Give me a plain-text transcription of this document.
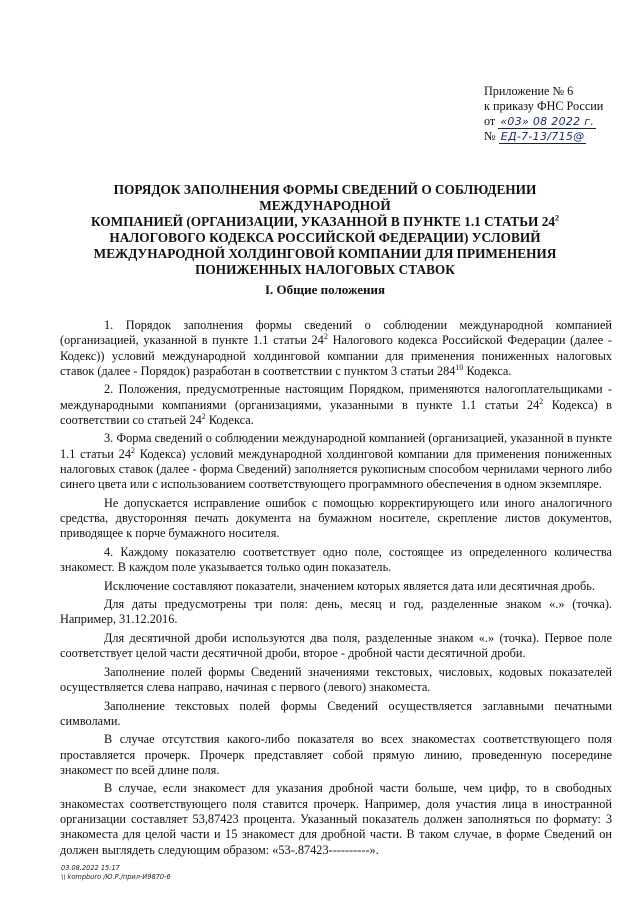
Приложение № 6
к приказу ФНС России
от «03» 08 2022 г.
№ ЕД-7-13/715@
ПОРЯДОК ЗАПОЛНЕНИЯ ФОРМЫ СВЕДЕНИЙ О СОБЛЮДЕНИИ МЕЖДУНАРОДНОЙ
КОМПАНИЕЙ (ОРГАНИЗАЦИИ, УКАЗАННОЙ В ПУНКТЕ 1.1 СТАТЬИ $24^2$
НАЛОГОВОГО КОДЕКСА РОССИЙСКОЙ ФЕДЕРАЦИИ) УСЛОВИЙ
МЕЖДУНАРОДНОЙ ХОЛДИНГОВОЙ КОМПАНИИ ДЛЯ ПРИМЕНЕНИЯ
ПОНИЖЕННЫХ НАЛОГОВЫХ СТАВОК
I. Общие положения

1. Порядок заполнения формы сведений о соблюдении международной компанией (организацией, указанной в пункте 1.1 статьи $24^2$ Налогового кодекса Российской Федерации (далее - Кодекс)) условий международной холдинговой компании для применения пониженных налоговых ставок (далее - Порядок) разработан в соответствии с пунктом 3 статьи $284^{10}$ Кодекса.

2. Положения, предусмотренные настоящим Порядком, применяются налогоплательщиками - международными компаниями (организациями, указанными в пункте 1.1 статьи $24^2$ Кодекса) в соответствии со статьей $24^2$ Кодекса.

3. Форма сведений о соблюдении международной компанией (организацией, указанной в пункте 1.1 статьи $24^2$ Кодекса) условий международной холдинговой компании для применения пониженных налоговых ставок (далее - форма Сведений) заполняется рукописным способом чернилами черного либо синего цвета или с использованием соответствующего программного обеспечения в одном экземпляре.

Не допускается исправление ошибок с помощью корректирующего или иного аналогичного средства, двусторонняя печать документа на бумажном носителе, скрепление листов документов, приводящее к порче бумажного носителя.

4. Каждому показателю соответствует одно поле, состоящее из определенного количества знакомест. В каждом поле указывается только один показатель.

Исключение составляют показатели, значением которых является дата или десятичная дробь.

Для даты предусмотрены три поля: день, месяц и год, разделенные знаком «.» (точка). Например, 31.12.2016.

Для десятичной дроби используются два поля, разделенные знаком «.» (точка). Первое поле соответствует целой части десятичной дроби, второе - дробной части десятичной дроби.

Заполнение полей формы Сведений значениями текстовых, числовых, кодовых показателей осуществляется слева направо, начиная с первого (левого) знакоместа.

Заполнение текстовых полей формы Сведений осуществляется заглавными печатными символами.

В случае отсутствия какого-либо показателя во всех знакоместах соответствующего поля проставляется прочерк. Прочерк представляет собой прямую линию, проведенную посередине знакомест по всей длине поля.

В случае, если знакомест для указания дробной части больше, чем цифр, то в свободных знакоместах соответствующего поля ставится прочерк. Например, доля участия лица в иностранной организации составляет 53,87423 процента. Указанный показатель должен заполняться по формату: 3 знакоместа для целой части и 15 знакомест для дробной части. В таком случае, в форме Сведений он должен выглядеть следующим образом: «53-.87423----------».

03.08.2022 15:17
\\ kompburo /Ю.Р./прил-И9870-6
